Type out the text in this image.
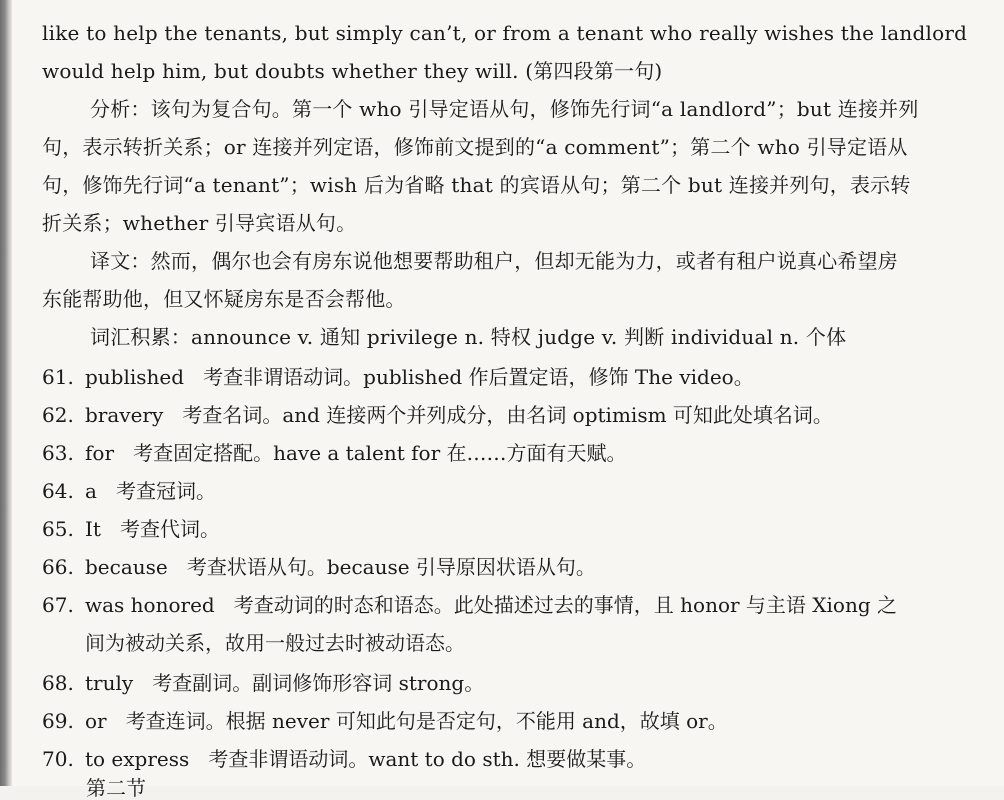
like to help the tenants, but simply can’t, or from a tenant who really wishes the landlord
would help him, but doubts whether they will. (第四段第一句)
分析：该句为复合句。第一个 who 引导定语从句，修饰先行词“a landlord”；but 连接并列
句，表示转折关系；or 连接并列定语，修饰前文提到的“a comment”；第二个 who 引导定语从
句，修饰先行词“a tenant”；wish 后为省略 that 的宾语从句；第二个 but 连接并列句，表示转
折关系；whether 引导宾语从句。
译文：然而，偶尔也会有房东说他想要帮助租户，但却无能为力，或者有租户说真心希望房
东能帮助他，但又怀疑房东是否会帮他。
词汇积累：announce v. 通知 privilege n. 特权 judge v. 判断 individual n. 个体
61. published 考查非谓语动词。published 作后置定语，修饰 The video。
62. bravery 考查名词。and 连接两个并列成分，由名词 optimism 可知此处填名词。
63. for 考查固定搭配。have a talent for 在……方面有天赋。
64. a 考查冠词。
65. It 考查代词。
66. because 考查状语从句。because 引导原因状语从句。
67. was honored 考查动词的时态和语态。此处描述过去的事情，且 honor 与主语 Xiong 之
间为被动关系，故用一般过去时被动语态。
68. truly 考查副词。副词修饰形容词 strong。
69. or 考查连词。根据 never 可知此句是否定句，不能用 and，故填 or。
70. to express 考查非谓语动词。want to do sth. 想要做某事。
第二节
